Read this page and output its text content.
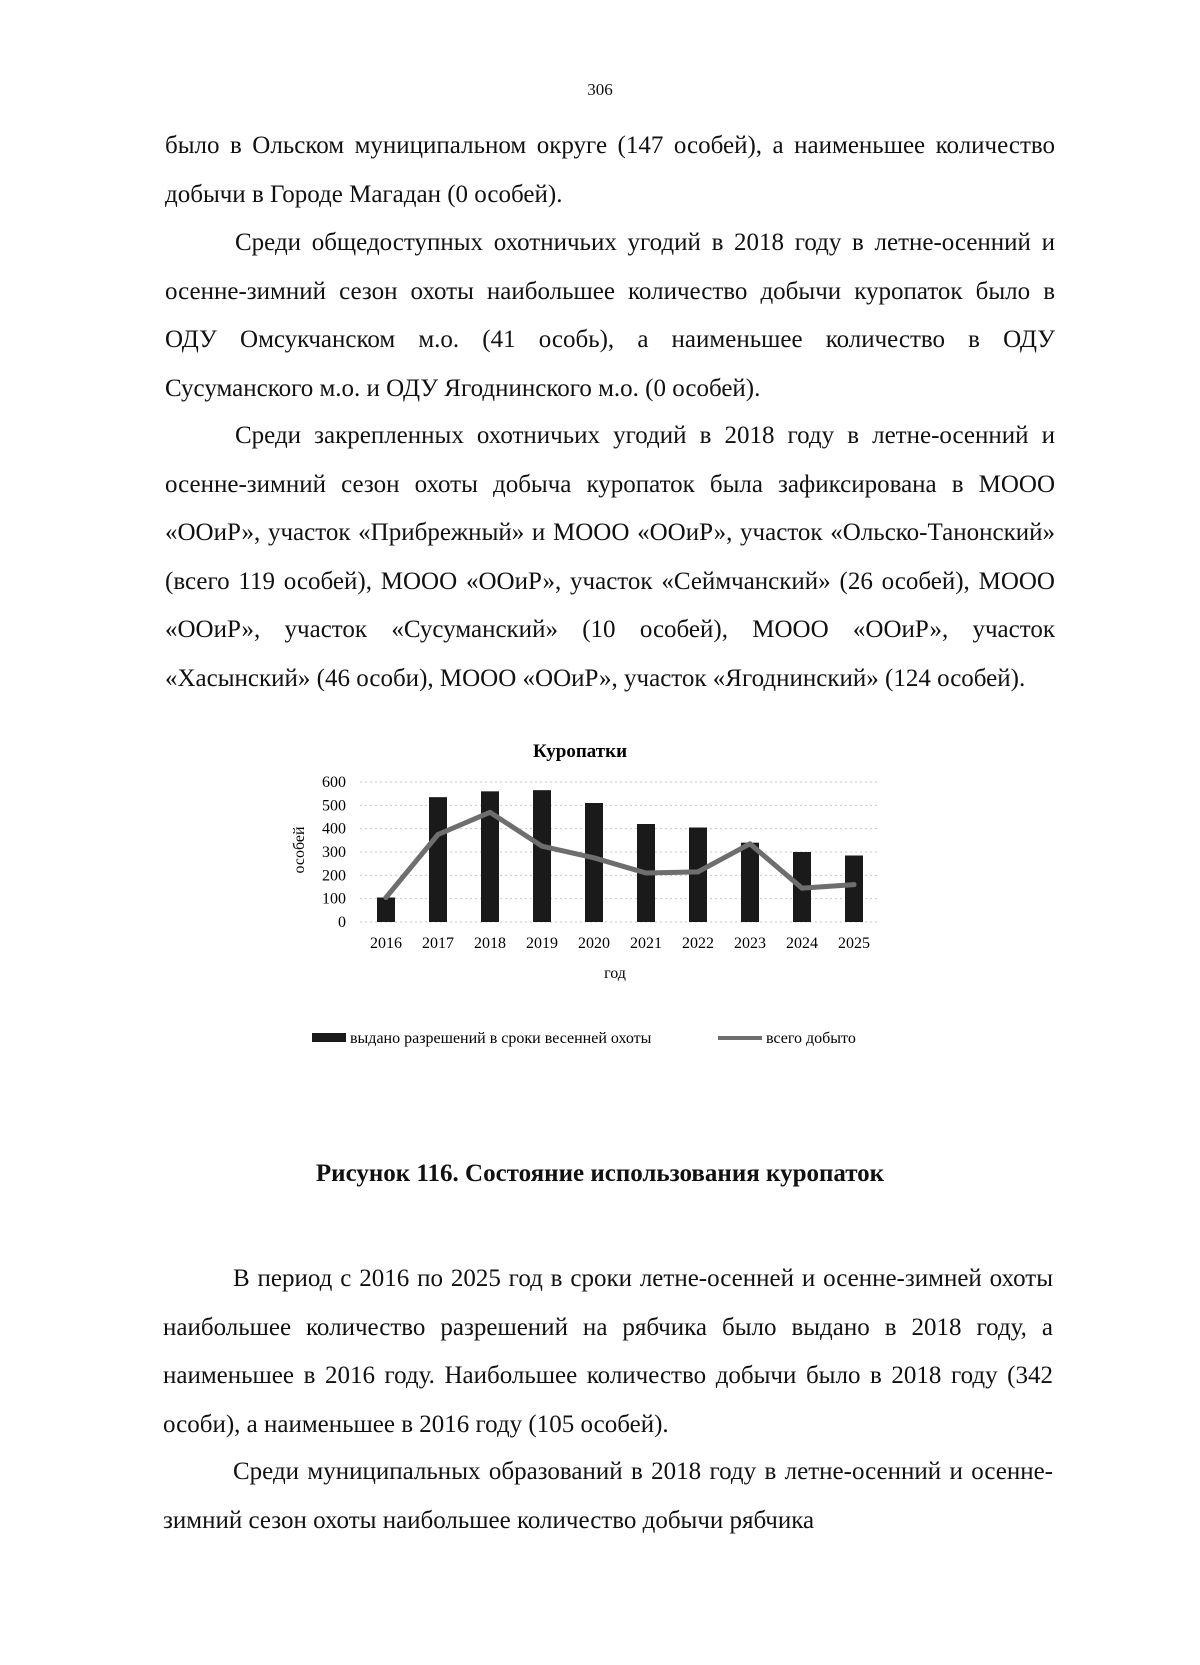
306

было в Ольском муниципальном округе (147 особей), а наименьшее количество добычи в Городе Магадан (0 особей).

Среди общедоступных охотничьих угодий в 2018 году в летне-осенний и осенне-зимний сезон охоты наибольшее количество добычи куропаток было в ОДУ Омсукчанском м.о. (41 особь), а наименьшее количество в ОДУ Сусуманского м.о. и ОДУ Ягоднинского м.о. (0 особей).

Среди закрепленных охотничьих угодий в 2018 году в летне-осенний и осенне-зимний сезон охоты добыча куропаток была зафиксирована в МООО «ООиР», участок «Прибрежный» и МООО «ООиР», участок «Ольско-Танонский» (всего 119 особей), МООО «ООиР», участок «Сеймчанский» (26 особей), МООО «ООиР», участок «Сусуманский» (10 особей), МООО «ООиР», участок «Хасынский» (46 особи), МООО «ООиР», участок «Ягоднинский» (124 особей).

Куропатки
особей
год
0
100
200
300
400
500
600
2016 2017 2018 2019 2020 2021 2022 2023 2024 2025
выдано разрешений в сроки весенней охоты	всего добыто
Рисунок 116. Состояние использования куропаток

В период с 2016 по 2025 год в сроки летне-осенней и осенне-зимней охоты наибольшее количество разрешений на рябчика было выдано в 2018 году, а наименьшее в 2016 году. Наибольшее количество добычи было в 2018 году (342 особи), а наименьшее в 2016 году (105 особей).

Среди муниципальных образований в 2018 году в летне-осенний и осенне-зимний сезон охоты наибольшее количество добычи рябчика
